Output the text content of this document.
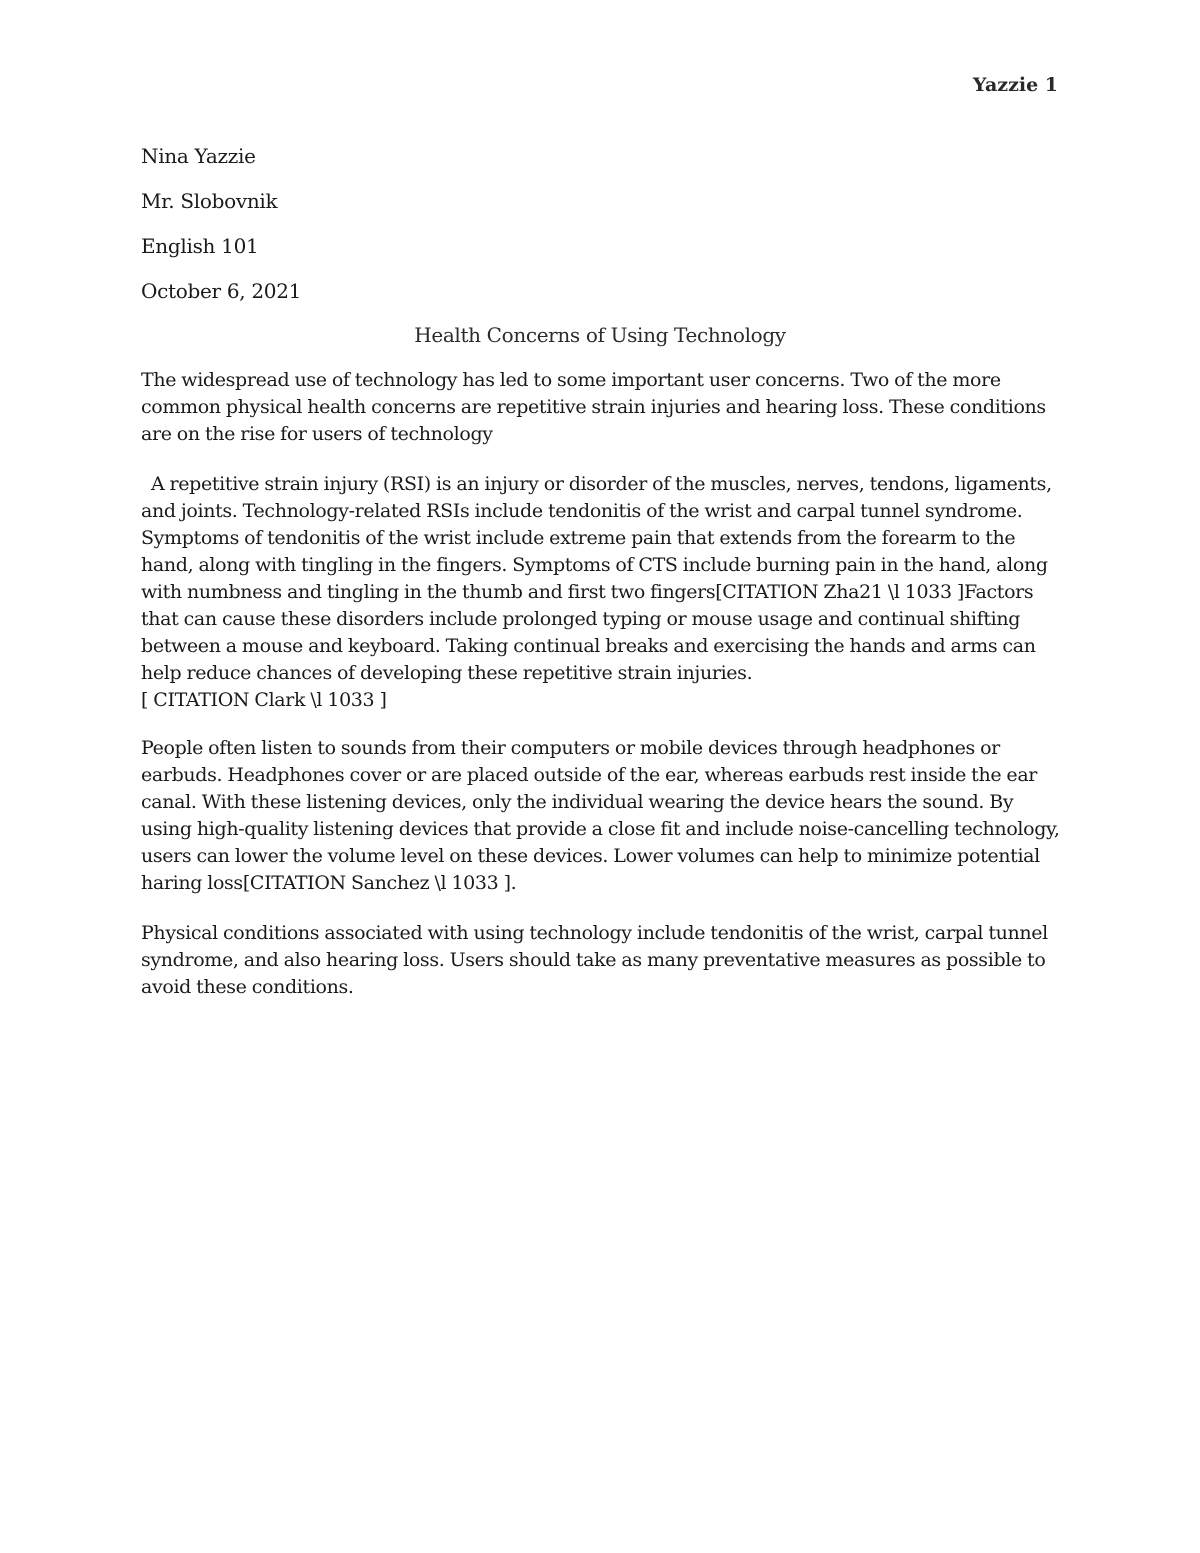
Yazzie 1
Nina Yazzie
Mr. Slobovnik
English 101
October 6, 2021
Health Concerns of Using Technology
The widespread use of technology has led to some important user concerns. Two of the more common physical health concerns are repetitive strain injuries and hearing loss. These conditions are on the rise for users of technology
A repetitive strain injury (RSI) is an injury or disorder of the muscles, nerves, tendons, ligaments, and joints. Technology-related RSIs include tendonitis of the wrist and carpal tunnel syndrome. Symptoms of tendonitis of the wrist include extreme pain that extends from the forearm to the hand, along with tingling in the fingers. Symptoms of CTS include burning pain in the hand, along with numbness and tingling in the thumb and first two fingers[CITATION Zha21 \l 1033 ]Factors that can cause these disorders include prolonged typing or mouse usage and continual shifting between a mouse and keyboard. Taking continual breaks and exercising the hands and arms can help reduce chances of developing these repetitive strain injuries.
[ CITATION Clark \l 1033 ]
People often listen to sounds from their computers or mobile devices through headphones or earbuds. Headphones cover or are placed outside of the ear, whereas earbuds rest inside the ear canal. With these listening devices, only the individual wearing the device hears the sound. By using high-quality listening devices that provide a close fit and include noise-cancelling technology, users can lower the volume level on these devices. Lower volumes can help to minimize potential haring loss[CITATION Sanchez \l 1033 ].
Physical conditions associated with using technology include tendonitis of the wrist, carpal tunnel syndrome, and also hearing loss. Users should take as many preventative measures as possible to avoid these conditions.
